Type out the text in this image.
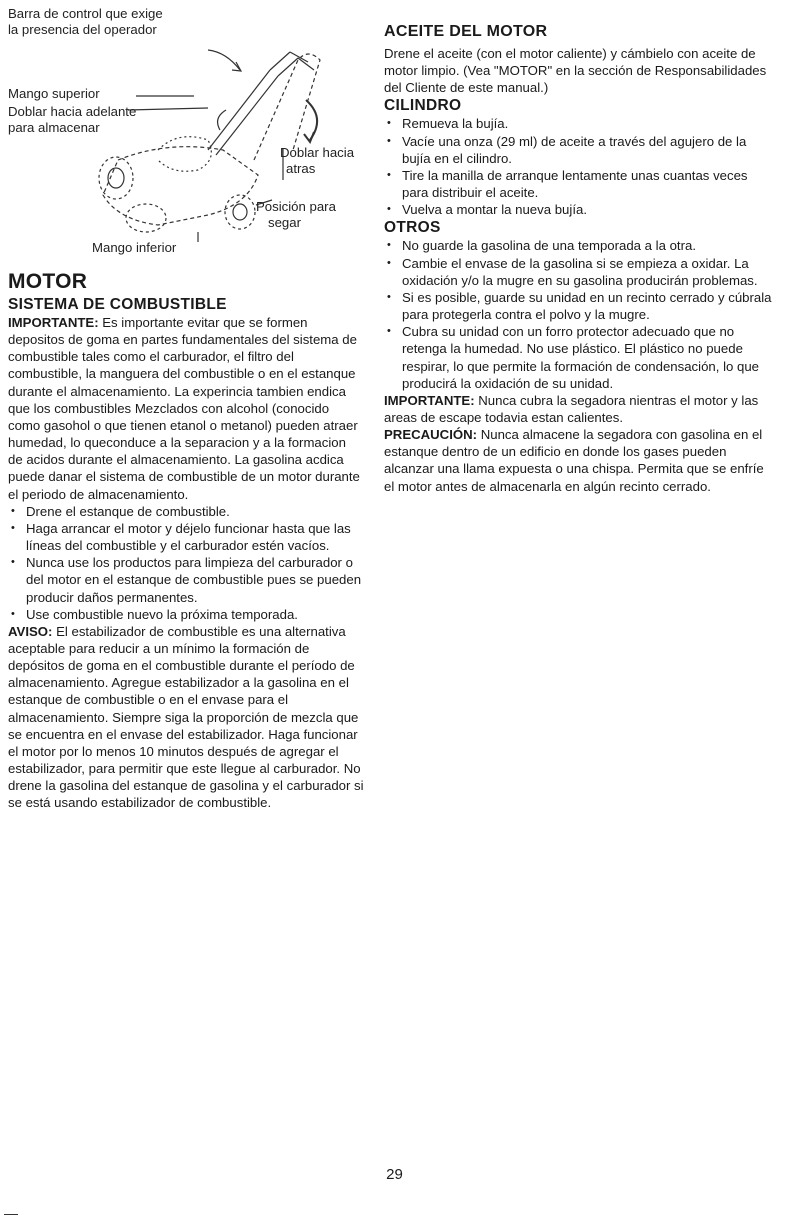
Barra de control que exige
la presencia del operador
Mango superior
Doblar hacia adelante
para almacenar
Doblar hacia
atras
Posición para
segar
Mango inferior
MOTOR
SISTEMA DE COMBUSTIBLE

IMPORTANTE: Es importante evitar que se formen depositos de goma en partes fundamentales del sistema de combustible tales como el carburador, el filtro del combustible, la manguera del combustible o en el estanque durante el almacenamiento. La experincia tambien endica que los combustibles Mezclados con alcohol (conocido como gasohol o que tienen etanol o metanol) pueden atraer humedad, lo queconduce a la separacion y a la formacion de acidos durante el almacenamiento. La gasolina acdica puede danar el sistema de combustible de un motor durante el periodo de almacenamiento.

• Drene el estanque de combustible.
• Haga arrancar el motor y déjelo funcionar hasta que las líneas del combustible y el carburador estén vacíos.
• Nunca use los productos para limpieza del carburador o del motor en el estanque de combustible pues se pueden producir daños permanentes.
• Use combustible nuevo la próxima temporada.

AVISO: El estabilizador de combustible es una alternativa aceptable para reducir a un mínimo la formación de depósitos de goma en el combustible durante el período de almacenamiento. Agregue estabilizador a la gasolina en el estanque de combustible o en el envase para el almacenamiento. Siempre siga la proporción de mezcla que se encuentra en el envase del estabilizador. Haga funcionar el motor por lo menos 10 minutos después de agregar el estabilizador, para permitir que este llegue al carburador. No drene la gasolina del estanque de gasolina y el carburador si se está usando estabilizador de combustible.

ACEITE DEL MOTOR

Drene el aceite (con el motor caliente) y cámbielo con aceite de motor limpio. (Vea "MOTOR" en la sección de Responsabilidades del Cliente de este manual.)

CILINDRO
• Remueva la bujía.
• Vacíe una onza (29 ml) de aceite a través del agujero de la bujía en el cilindro.
• Tire la manilla de arranque lentamente unas cuantas veces para distribuir el aceite.
• Vuelva a montar la nueva bujía.
OTROS
• No guarde la gasolina de una temporada a la otra.
• Cambie el envase de la gasolina si se empieza a oxidar. La oxidación y/o la mugre en su gasolina producirán problemas.
• Si es posible, guarde su unidad en un recinto cerrado y cúbrala para protegerla contra el polvo y la mugre.
• Cubra su unidad con un forro protector adecuado que no retenga la humedad. No use plástico. El plástico no puede respirar, lo que permite la formación de condensación, lo que producirá la oxidación de su unidad.

IMPORTANTE: Nunca cubra la segadora nientras el motor y las areas de escape todavia estan calientes.

PRECAUCIÓN: Nunca almacene la segadora con gasolina en el estanque dentro de un edificio en donde los gases pueden alcanzar una llama expuesta o una chispa. Permita que se enfríe el motor antes de almacenarla en algún recinto cerrado.

29
